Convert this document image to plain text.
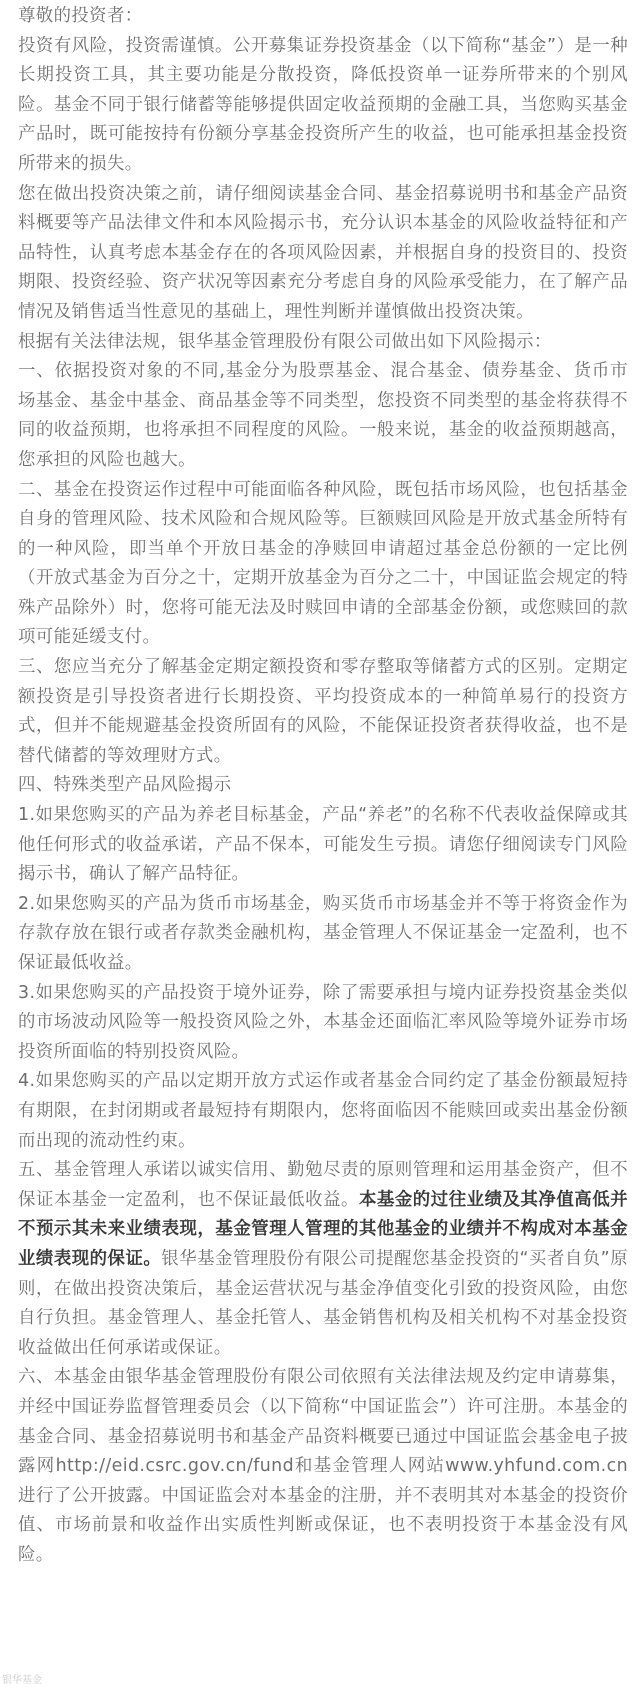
尊敬的投资者：

投资有风险，投资需谨慎。公开募集证券投资基金（以下简称“基金”）是一种长期投资工具，其主要功能是分散投资，降低投资单一证券所带来的个别风险。基金不同于银行储蓄等能够提供固定收益预期的金融工具，当您购买基金产品时，既可能按持有份额分享基金投资所产生的收益，也可能承担基金投资所带来的损失。

您在做出投资决策之前，请仔细阅读基金合同、基金招募说明书和基金产品资料概要等产品法律文件和本风险揭示书，充分认识本基金的风险收益特征和产品特性，认真考虑本基金存在的各项风险因素，并根据自身的投资目的、投资期限、投资经验、资产状况等因素充分考虑自身的风险承受能力，在了解产品情况及销售适当性意见的基础上，理性判断并谨慎做出投资决策。

根据有关法律法规，银华基金管理股份有限公司做出如下风险揭示：

一、依据投资对象的不同,基金分为股票基金、混合基金、债券基金、货币市场基金、基金中基金、商品基金等不同类型，您投资不同类型的基金将获得不同的收益预期，也将承担不同程度的风险。一般来说，基金的收益预期越高，您承担的风险也越大。

二、基金在投资运作过程中可能面临各种风险，既包括市场风险，也包括基金自身的管理风险、技术风险和合规风险等。巨额赎回风险是开放式基金所特有的一种风险，即当单个开放日基金的净赎回申请超过基金总份额的一定比例（开放式基金为百分之十，定期开放基金为百分之二十，中国证监会规定的特殊产品除外）时，您将可能无法及时赎回申请的全部基金份额，或您赎回的款项可能延缓支付。

三、您应当充分了解基金定期定额投资和零存整取等储蓄方式的区别。定期定额投资是引导投资者进行长期投资、平均投资成本的一种简单易行的投资方式，但并不能规避基金投资所固有的风险，不能保证投资者获得收益，也不是替代储蓄的等效理财方式。

四、特殊类型产品风险揭示

1.如果您购买的产品为养老目标基金，产品“养老”的名称不代表收益保障或其他任何形式的收益承诺，产品不保本，可能发生亏损。请您仔细阅读专门风险揭示书，确认了解产品特征。

2.如果您购买的产品为货币市场基金，购买货币市场基金并不等于将资金作为存款存放在银行或者存款类金融机构，基金管理人不保证基金一定盈利，也不保证最低收益。

3.如果您购买的产品投资于境外证券，除了需要承担与境内证券投资基金类似的市场波动风险等一般投资风险之外，本基金还面临汇率风险等境外证券市场投资所面临的特别投资风险。

4.如果您购买的产品以定期开放方式运作或者基金合同约定了基金份额最短持有期限，在封闭期或者最短持有期限内，您将面临因不能赎回或卖出基金份额而出现的流动性约束。

五、基金管理人承诺以诚实信用、勤勉尽责的原则管理和运用基金资产，但不保证本基金一定盈利，也不保证最低收益。本基金的过往业绩及其净值高低并不预示其未来业绩表现，基金管理人管理的其他基金的业绩并不构成对本基金业绩表现的保证。银华基金管理股份有限公司提醒您基金投资的“买者自负”原则，在做出投资决策后，基金运营状况与基金净值变化引致的投资风险，由您自行负担。基金管理人、基金托管人、基金销售机构及相关机构不对基金投资收益做出任何承诺或保证。

六、本基金由银华基金管理股份有限公司依照有关法律法规及约定申请募集，并经中国证券监督管理委员会（以下简称“中国证监会”）许可注册。本基金的基金合同、基金招募说明书和基金产品资料概要已通过中国证监会基金电子披露网http://eid.csrc.gov.cn/fund和基金管理人网站www.yhfund.com.cn进行了公开披露。中国证监会对本基金的注册，并不表明其对本基金的投资价值、市场前景和收益作出实质性判断或保证，也不表明投资于本基金没有风险。

银华基金
